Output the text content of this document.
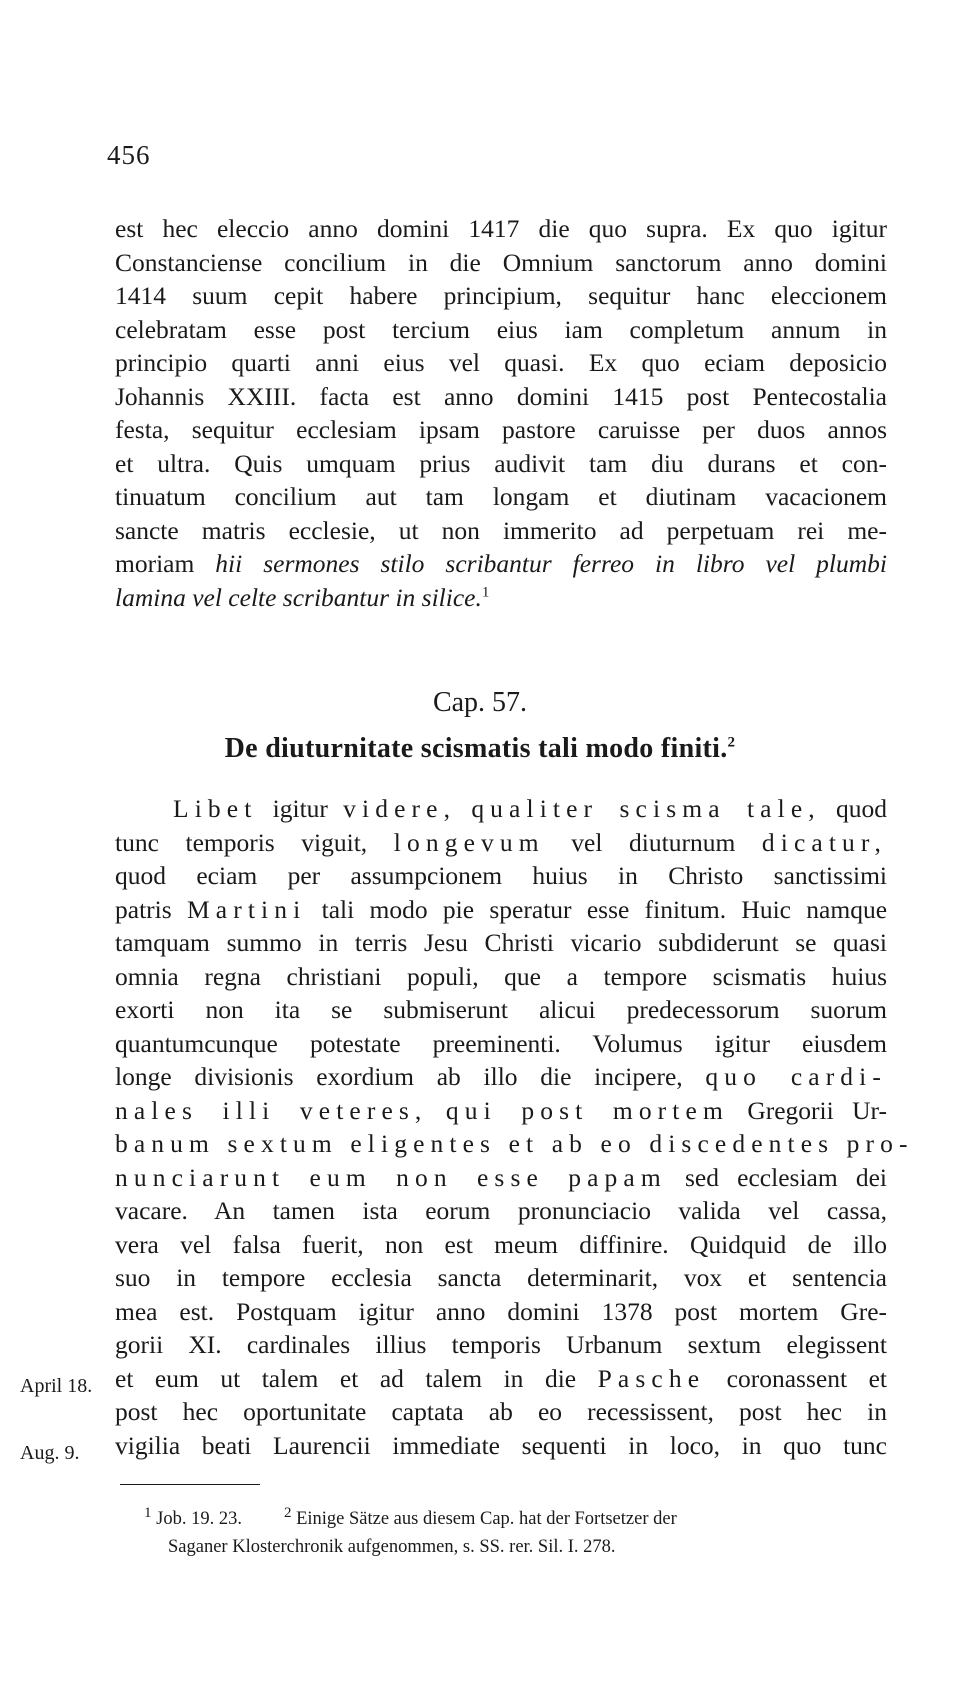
456
est hec eleccio anno domini 1417 die quo supra. Ex quo igitur
Constanciense concilium in die Omnium sanctorum anno domini
1414 suum cepit habere principium, sequitur hanc eleccionem
celebratam esse post tercium eius iam completum annum in
principio quarti anni eius vel quasi. Ex quo eciam deposicio
Johannis XXIII. facta est anno domini 1415 post Pentecostalia
festa, sequitur ecclesiam ipsam pastore caruisse per duos annos
et ultra. Quis umquam prius audivit tam diu durans et con-
tinuatum concilium aut tam longam et diutinam vacacionem
sancte matris ecclesie, ut non immerito ad perpetuam rei me-
moriam hii sermones stilo scribantur ferreo in libro vel plumbi
lamina vel celte scribantur in silice.$^1$
Cap. 57.
De diuturnitate scismatis tali modo finiti.$^2$
Libet igitur videre, qualiter scisma tale, quod
tunc temporis viguit, longevum vel diuturnum dicatur,
quod eciam per assumpcionem huius in Christo sanctissimi
patris Martini tali modo pie speratur esse finitum. Huic namque
tamquam summo in terris Jesu Christi vicario subdiderunt se quasi
omnia regna christiani populi, que a tempore scismatis huius
exorti non ita se submiserunt alicui predecessorum suorum
quantumcunque potestate preeminenti. Volumus igitur eiusdem
longe divisionis exordium ab illo die incipere, quo cardi-
nales illi veteres, qui post mortem Gregorii Ur-
banum sextum eligentes et ab eo discedentes pro-
nunciarunt eum non esse papam sed ecclesiam dei
vacare. An tamen ista eorum pronunciacio valida vel cassa,
vera vel falsa fuerit, non est meum diffinire. Quidquid de illo
suo in tempore ecclesia sancta determinarit, vox et sentencia
mea est. Postquam igitur anno domini 1378 post mortem Gre-
gorii XI. cardinales illius temporis Urbanum sextum elegissent
et eum ut talem et ad talem in die Pasche coronassent et
post hec oportunitate captata ab eo recessissent, post hec in
vigilia beati Laurencii immediate sequenti in loco, in quo tunc
April 18.
Aug. 9.
$^1$ Job. 19. 23.	$^2$ Einige Sätze aus diesem Cap. hat der Fortsetzer der
Saganer Klosterchronik aufgenommen, s. SS. rer. Sil. I. 278.
